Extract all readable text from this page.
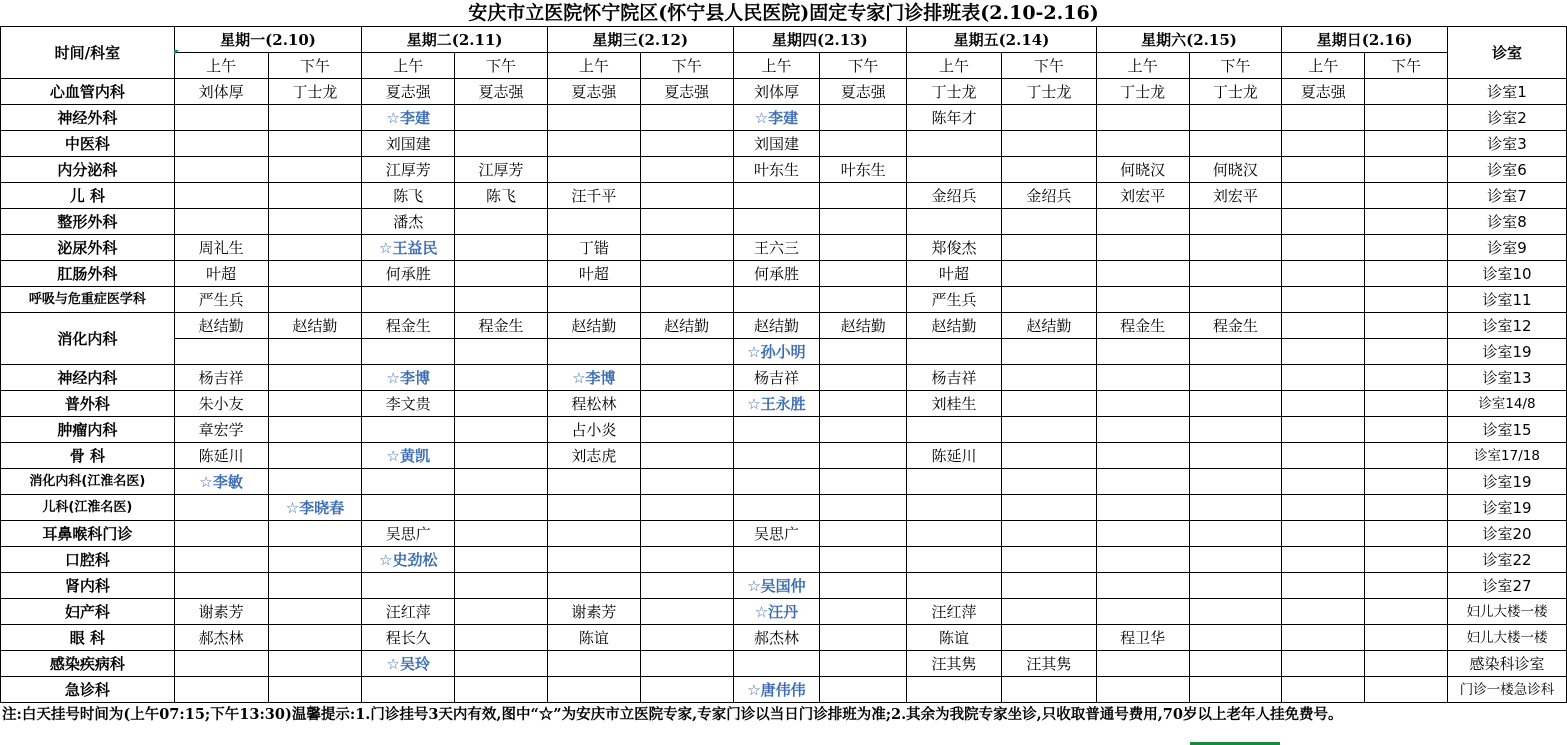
安庆市立医院怀宁院区(怀宁县人民医院)固定专家门诊排班表(2.10-2.16)
时间/科室	星期一(2.10)		星期二(2.11)		星期三(2.12)		星期四(2.13)		星期五(2.14)		星期六(2.15)		星期日(2.16)		诊室
	上午	下午	上午	下午	上午	下午	上午	下午	上午	下午	上午	下午	上午	下午	
心血管内科	刘体厚	丁士龙	夏志强	夏志强	夏志强	夏志强	刘体厚	夏志强	丁士龙	丁士龙	丁士龙	丁士龙	夏志强		诊室1
神经外科			☆李建				☆李建		陈年才						诊室2
中医科			刘国建				刘国建								诊室3
内分泌科			江厚芳	江厚芳			叶东生	叶东生			何晓汉	何晓汉			诊室6
儿 科			陈飞	陈飞	汪千平				金绍兵	金绍兵	刘宏平	刘宏平			诊室7
整形外科			潘杰												诊室8
泌尿外科	周礼生		☆王益民		丁锴		王六三		郑俊杰						诊室9
肛肠外科	叶超		何承胜		叶超		何承胜		叶超						诊室10
呼吸与危重症医学科	严生兵								严生兵						诊室11
消化内科	赵结勤	赵结勤	程金生	程金生	赵结勤	赵结勤	赵结勤	赵结勤	赵结勤	赵结勤	程金生	程金生			诊室12
							☆孙小明								诊室19
神经内科	杨吉祥		☆李博		☆李博		杨吉祥		杨吉祥						诊室13
普外科	朱小友		李文贵		程松林		☆王永胜		刘桂生						诊室14/8
肿瘤内科	章宏学				占小炎										诊室15
骨 科	陈延川		☆黄凯		刘志虎				陈延川						诊室17/18
消化内科(江淮名医)	☆李敏														诊室19
儿科(江淮名医)		☆李晓春													诊室19
耳鼻喉科门诊			吴思广				吴思广								诊室20
口腔科			☆史劲松												诊室22
肾内科							☆吴国仲								诊室27
妇产科	谢素芳		汪红萍		谢素芳		☆汪丹		汪红萍						妇儿大楼一楼
眼 科	郝杰林		程长久		陈谊		郝杰林		陈谊		程卫华				妇儿大楼一楼
感染疾病科			☆吴玲						汪其隽	汪其隽					感染科诊室
急诊科							☆唐伟伟								门诊一楼急诊科
注:白天挂号时间为(上午07:15;下午13:30)温馨提示:1.门诊挂号3天内有效,图中“☆”为安庆市立医院专家,专家门诊以当日门诊排班为准;2.其余为我院专家坐诊,只收取普通号费用,70岁以上老年人挂免费号。
